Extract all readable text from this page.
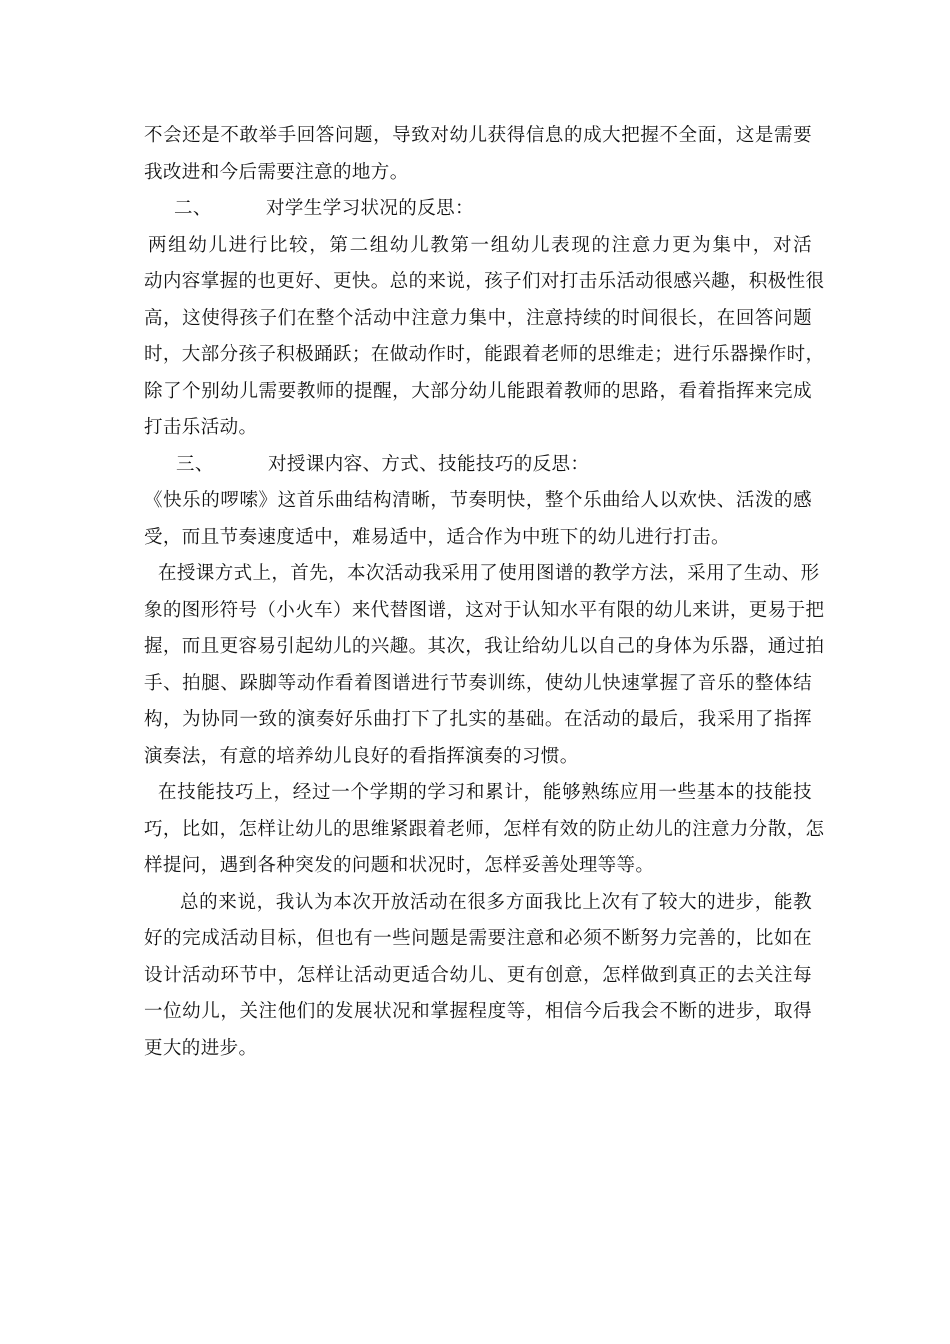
不会还是不敢举手回答问题，导致对幼儿获得信息的成大把握不全面，这是需要
我改进和今后需要注意的地方。
二、	对学生学习状况的反思：
两组幼儿进行比较，第二组幼儿教第一组幼儿表现的注意力更为集中，对活
动内容掌握的也更好、更快。总的来说，孩子们对打击乐活动很感兴趣，积极性很
高，这使得孩子们在整个活动中注意力集中，注意持续的时间很长，在回答问题
时，大部分孩子积极踊跃；在做动作时，能跟着老师的思维走；进行乐器操作时，
除了个别幼儿需要教师的提醒，大部分幼儿能跟着教师的思路，看着指挥来完成
打击乐活动。
三、	对授课内容、方式、技能技巧的反思：
《快乐的啰嗦》这首乐曲结构清晰，节奏明快，整个乐曲给人以欢快、活泼的感
受，而且节奏速度适中，难易适中，适合作为中班下的幼儿进行打击。
在授课方式上，首先，本次活动我采用了使用图谱的教学方法，采用了生动、形
象的图形符号（小火车）来代替图谱，这对于认知水平有限的幼儿来讲，更易于把
握，而且更容易引起幼儿的兴趣。其次，我让给幼儿以自己的身体为乐器，通过拍
手、拍腿、跺脚等动作看着图谱进行节奏训练，使幼儿快速掌握了音乐的整体结
构，为协同一致的演奏好乐曲打下了扎实的基础。在活动的最后，我采用了指挥
演奏法，有意的培养幼儿良好的看指挥演奏的习惯。
在技能技巧上，经过一个学期的学习和累计，能够熟练应用一些基本的技能技
巧，比如，怎样让幼儿的思维紧跟着老师，怎样有效的防止幼儿的注意力分散，怎
样提问，遇到各种突发的问题和状况时，怎样妥善处理等等。
总的来说，我认为本次开放活动在很多方面我比上次有了较大的进步，能教
好的完成活动目标，但也有一些问题是需要注意和必须不断努力完善的，比如在
设计活动环节中，怎样让活动更适合幼儿、更有创意，怎样做到真正的去关注每
一位幼儿，关注他们的发展状况和掌握程度等，相信今后我会不断的进步，取得
更大的进步。
